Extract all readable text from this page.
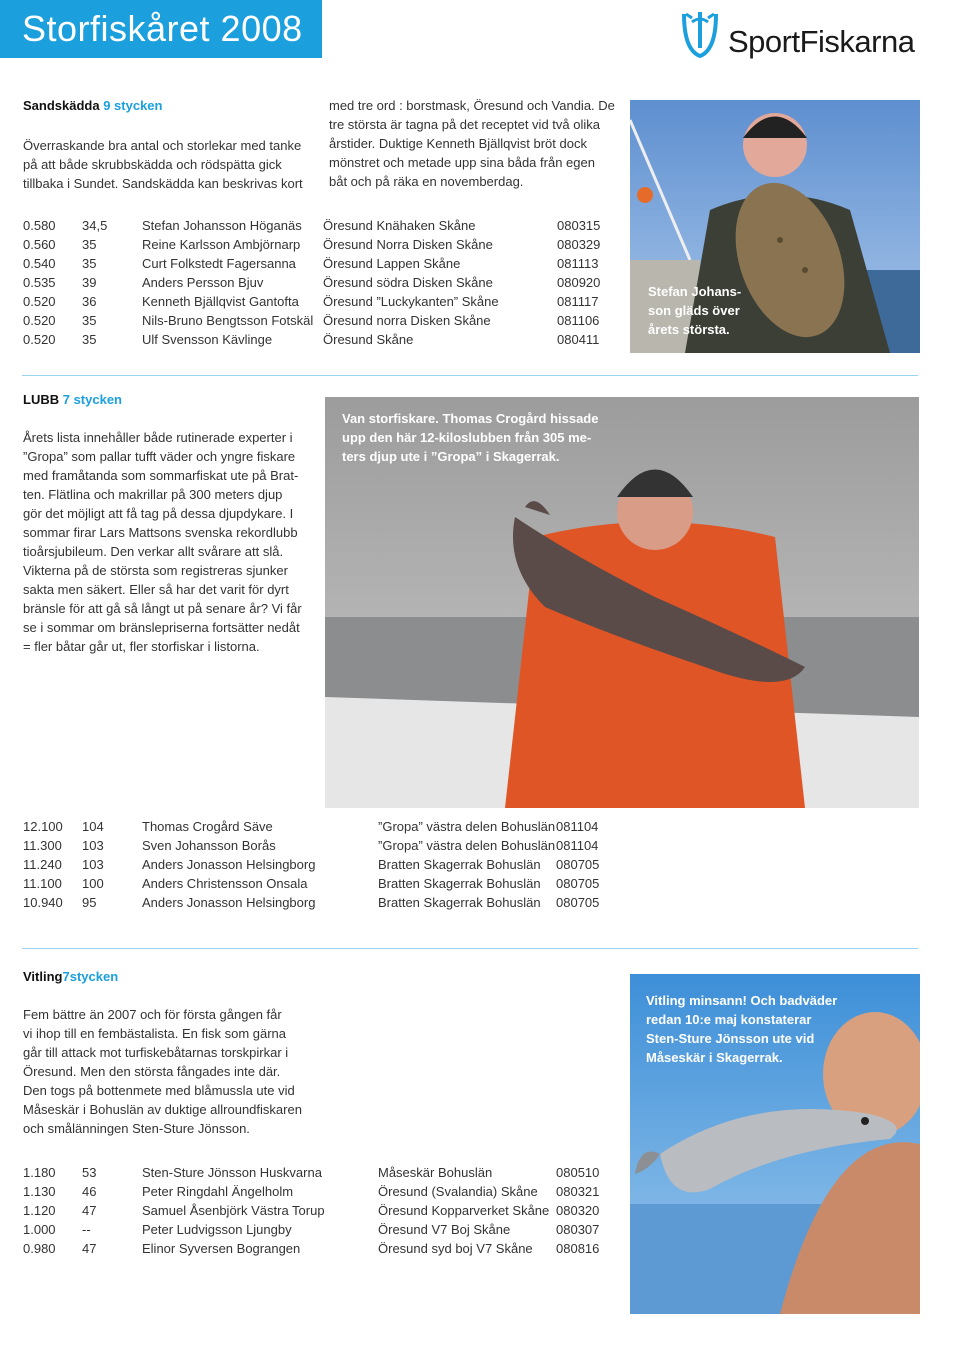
Storfiskåret 2008	SportFiskarna
Sandskädda 9 stycken
Överraskande bra antal och storlekar med tanke
på att både skrubbskädda och rödspätta gick
tillbaka i Sundet. Sandskädda kan beskrivas kort
med tre ord : borstmask, Öresund och Vandia. De
tre största är tagna på det receptet vid två olika
årstider. Duktige Kenneth Bjällqvist bröt dock
mönstret och metade upp sina båda från egen
båt och på räka en novemberdag.
0.580	34,5	Stefan Johansson Höganäs	Öresund Knähaken Skåne	080315
0.560	35	Reine Karlsson Ambjörnarp	Öresund Norra Disken Skåne	080329
0.540	35	Curt Folkstedt Fagersanna	Öresund Lappen Skåne	081113
0.535	39	Anders Persson Bjuv	Öresund södra Disken Skåne	080920
0.520	36	Kenneth Bjällqvist Gantofta	Öresund ”Luckykanten” Skåne	081117
0.520	35	Nils-Bruno Bengtsson Fotskäl	Öresund norra Disken Skåne	081106
0.520	35	Ulf Svensson Kävlinge	Öresund Skåne	080411
Stefan Johans-
son gläds över
årets största.
LUBB 7 stycken
Årets lista innehåller både rutinerade experter i
”Gropa” som pallar tufft väder och yngre fiskare
med framåtanda som sommarfiskat ute på Brat-
ten. Flätlina och makrillar på 300 meters djup
gör det möjligt att få tag på dessa djupdykare. I
sommar firar Lars Mattsons svenska rekordlubb
tioårsjubileum. Den verkar allt svårare att slå.
Vikterna på de största som registreras sjunker
sakta men säkert. Eller så har det varit för dyrt
bränsle för att gå så långt ut på senare år? Vi får
se i sommar om bränslepriserna fortsätter nedåt
= fler båtar går ut, fler storfiskar i listorna.
Van storfiskare. Thomas Crogård hissade
upp den här 12-kiloslubben från 305 me-
ters djup ute i ”Gropa” i Skagerrak.
12.100	104	Thomas Crogård Säve	”Gropa” västra delen Bohuslän	081104
11.300	103	Sven Johansson Borås	”Gropa” västra delen Bohuslän	081104
11.240	103	Anders Jonasson Helsingborg	Bratten Skagerrak Bohuslän	080705
11.100	100	Anders Christensson Onsala	Bratten Skagerrak Bohuslän	080705
10.940	95	Anders Jonasson Helsingborg	Bratten Skagerrak Bohuslän	080705
Vitling7stycken
Fem bättre än 2007 och för första gången får
vi ihop till en fembästalista. En fisk som gärna
går till attack mot turfiskebåtarnas torskpirkar i
Öresund. Men den största fångades inte där.
Den togs på bottenmete med blåmussla ute vid
Måseskär i Bohuslän av duktige allroundfiskaren
och smålänningen Sten-Sture Jönsson.
Vitling minsann! Och badväder
redan 10:e maj konstaterar
Sten-Sture Jönsson ute vid
Måseskär i Skagerrak.
1.180	53	Sten-Sture Jönsson Huskvarna	Måseskär Bohuslän	080510
1.130	46	Peter Ringdahl Ängelholm	Öresund (Svalandia) Skåne	080321
1.120	47	Samuel Åsenbjörk Västra Torup	Öresund Kopparverket Skåne	080320
1.000	--	Peter Ludvigsson Ljungby	Öresund V7 Boj Skåne	080307
0.980	47	Elinor Syversen Bograngen	Öresund syd boj V7 Skåne	080816
